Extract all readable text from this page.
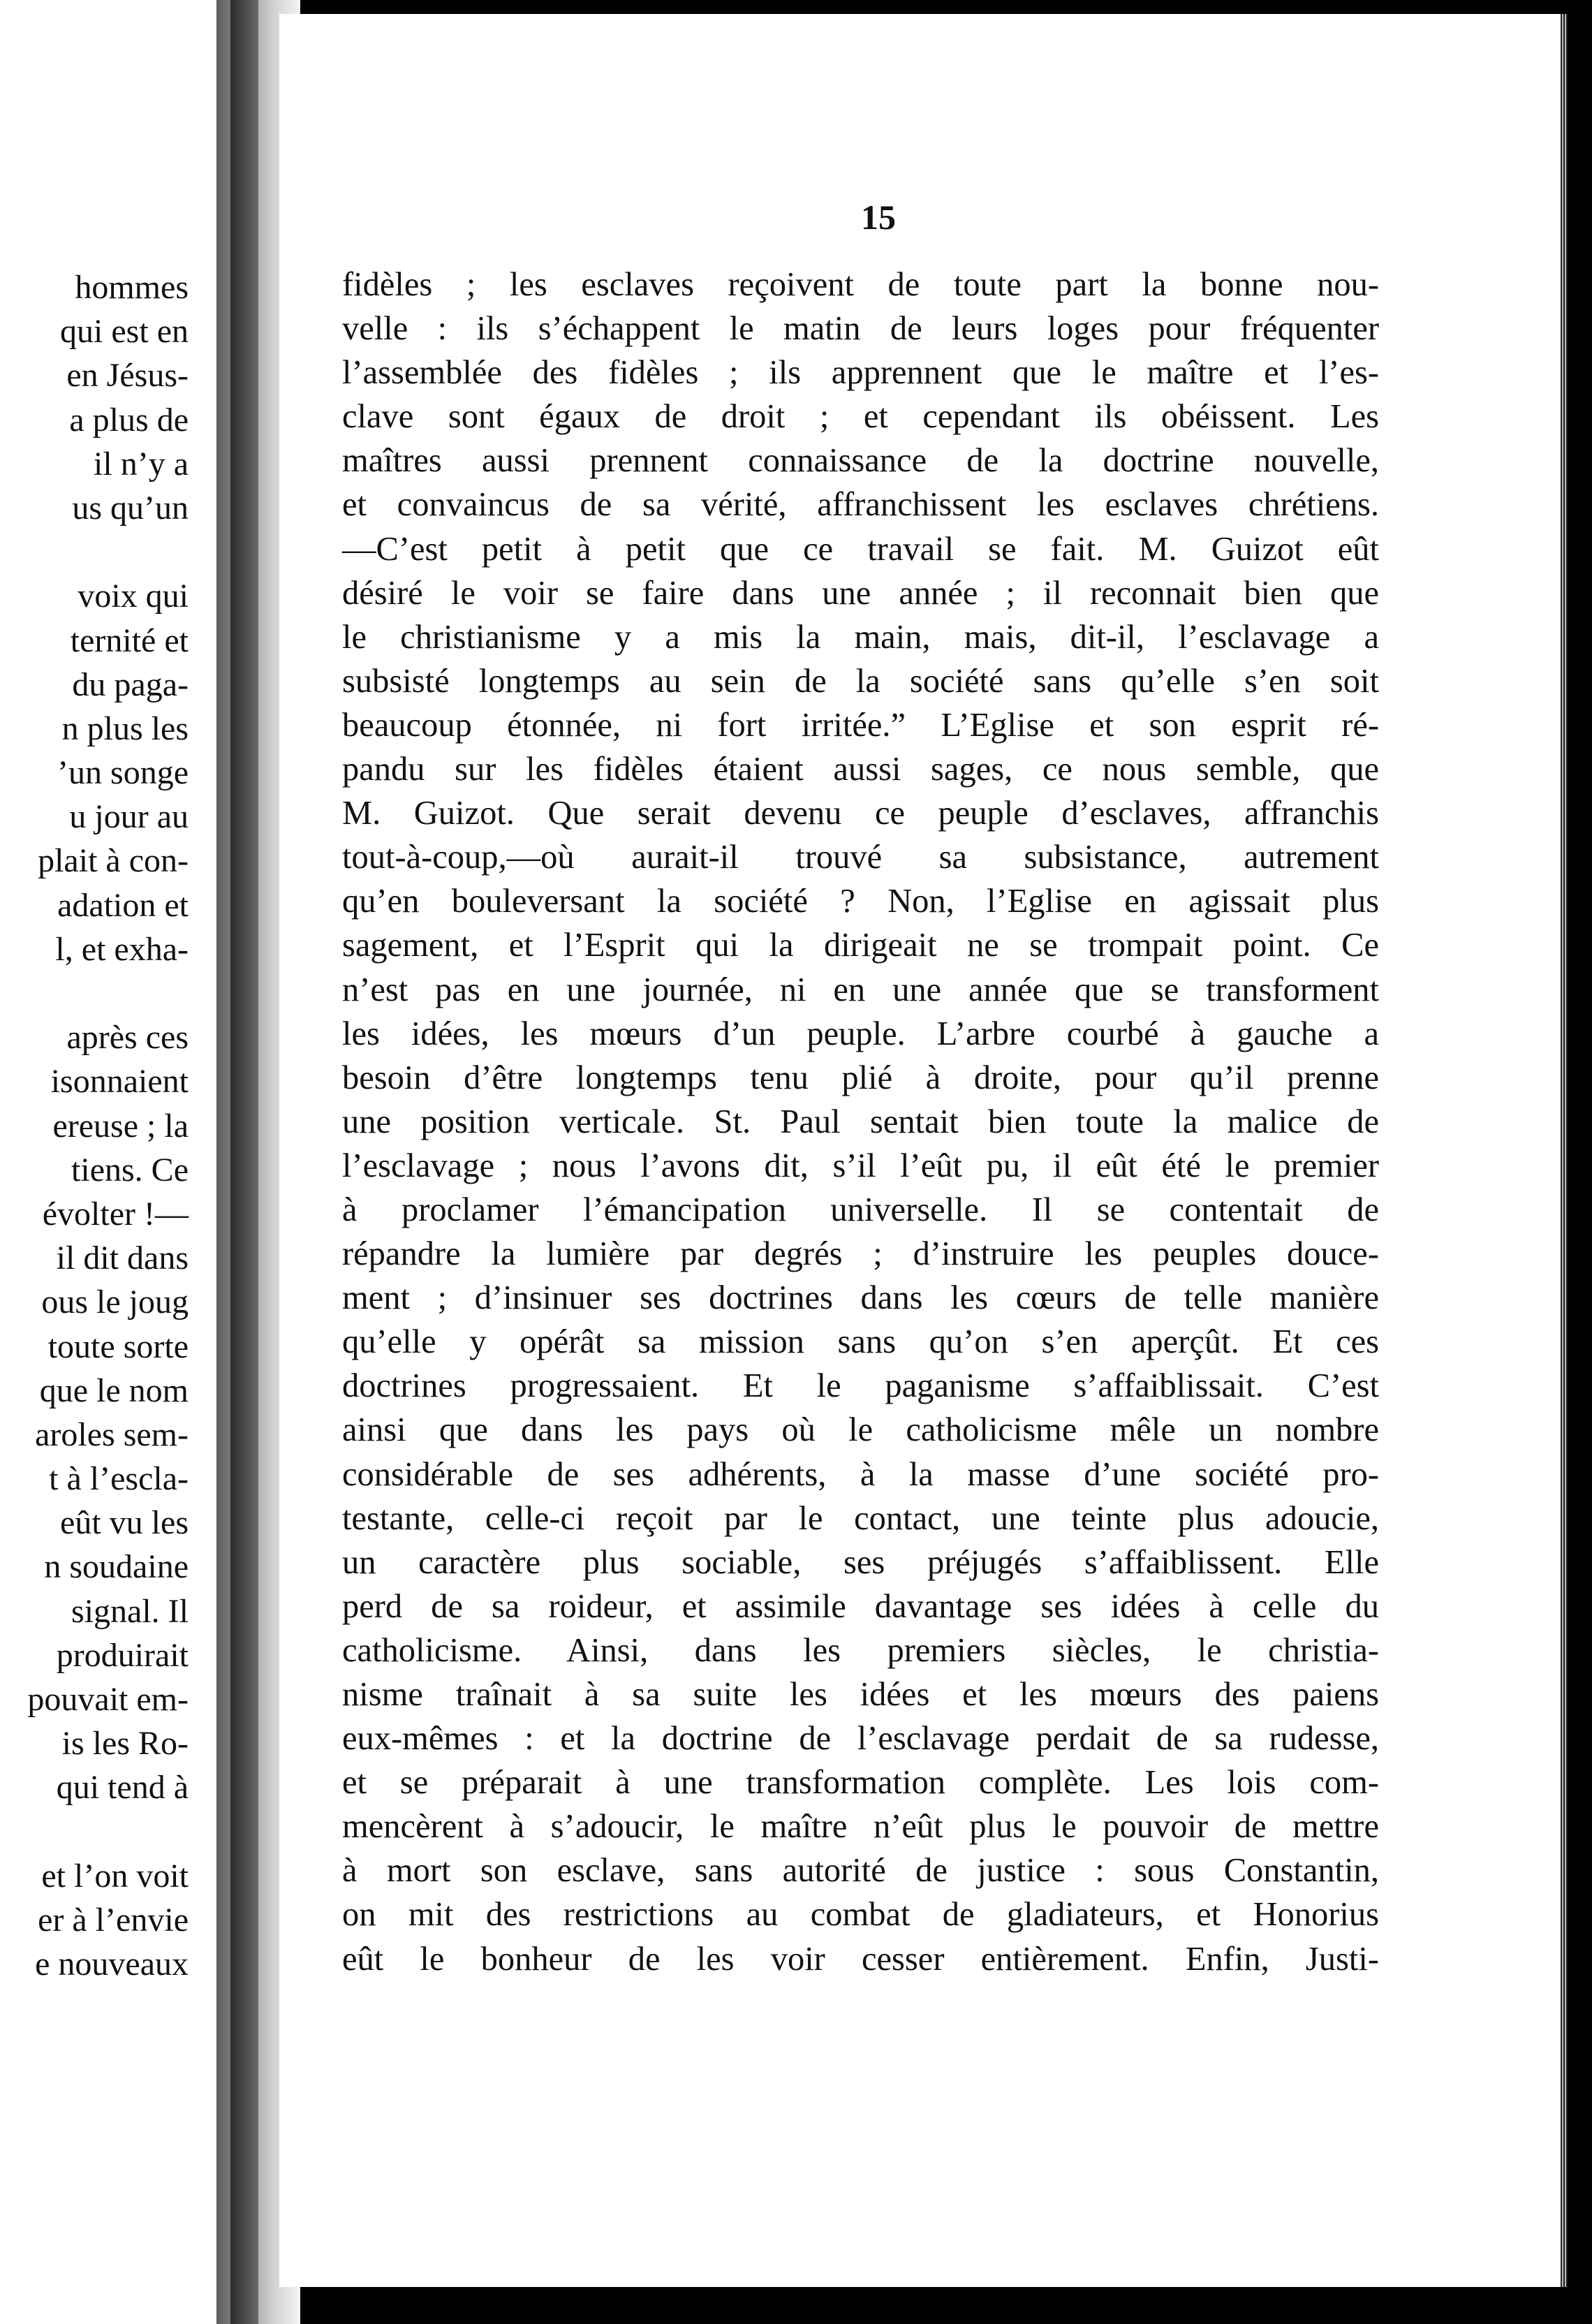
hommes
qui est en
en Jésus-
a plus de
il n’y a
us qu’un
voix qui
ternité et
du paga-
n plus les
’un songe
u jour au
plait à con-
adation et
l, et exha-
après ces
isonnaient
ereuse ; la
tiens. Ce
évolter !—
il dit dans
ous le joug
toute sorte
que le nom
aroles sem-
t à l’escla-
eût vu les
n soudaine
signal. Il
produirait
pouvait em-
is les Ro-
qui tend à
et l’on voit
er à l’envie
e nouveaux
15
fidèles ; les esclaves reçoivent de toute part la bonne nou-
velle : ils s’échappent le matin de leurs loges pour fréquenter
l’assemblée des fidèles ; ils apprennent que le maître et l’es-
clave sont égaux de droit ; et cependant ils obéissent. Les
maîtres aussi prennent connaissance de la doctrine nouvelle,
et convaincus de sa vérité, affranchissent les esclaves chrétiens.
—C’est petit à petit que ce travail se fait. M. Guizot eût
désiré le voir se faire dans une année ; il reconnait bien que
le christianisme y a mis la main, mais, dit-il, l’esclavage a
subsisté longtemps au sein de la société sans qu’elle s’en soit
beaucoup étonnée, ni fort irritée.” L’Eglise et son esprit ré-
pandu sur les fidèles étaient aussi sages, ce nous semble, que
M. Guizot. Que serait devenu ce peuple d’esclaves, affranchis
tout-à-coup,—où aurait-il trouvé sa subsistance, autrement
qu’en bouleversant la société ? Non, l’Eglise en agissait plus
sagement, et l’Esprit qui la dirigeait ne se trompait point. Ce
n’est pas en une journée, ni en une année que se transforment
les idées, les mœurs d’un peuple. L’arbre courbé à gauche a
besoin d’être longtemps tenu plié à droite, pour qu’il prenne
une position verticale. St. Paul sentait bien toute la malice de
l’esclavage ; nous l’avons dit, s’il l’eût pu, il eût été le premier
à proclamer l’émancipation universelle. Il se contentait de
répandre la lumière par degrés ; d’instruire les peuples douce-
ment ; d’insinuer ses doctrines dans les cœurs de telle manière
qu’elle y opérât sa mission sans qu’on s’en aperçût. Et ces
doctrines progressaient. Et le paganisme s’affaiblissait. C’est
ainsi que dans les pays où le catholicisme mêle un nombre
considérable de ses adhérents, à la masse d’une société pro-
testante, celle-ci reçoit par le contact, une teinte plus adoucie,
un caractère plus sociable, ses préjugés s’affaiblissent. Elle
perd de sa roideur, et assimile davantage ses idées à celle du
catholicisme. Ainsi, dans les premiers siècles, le christia-
nisme traînait à sa suite les idées et les mœurs des paiens
eux-mêmes : et la doctrine de l’esclavage perdait de sa rudesse,
et se préparait à une transformation complète. Les lois com-
mencèrent à s’adoucir, le maître n’eût plus le pouvoir de mettre
à mort son esclave, sans autorité de justice : sous Constantin,
on mit des restrictions au combat de gladiateurs, et Honorius
eût le bonheur de les voir cesser entièrement. Enfin, Justi-
